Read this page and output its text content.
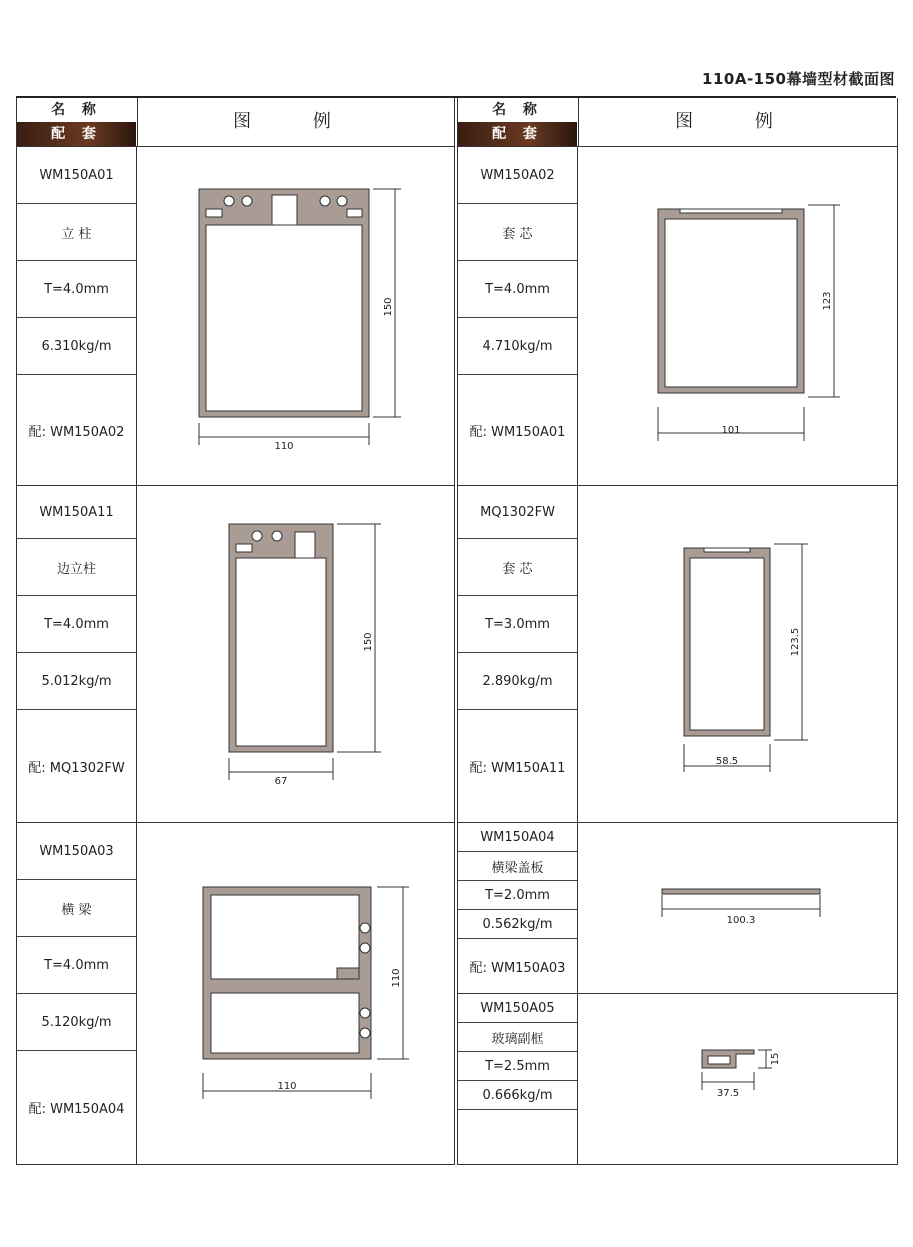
110A-150幕墙型材截面图
名 称
配 套
图 例
WM150A01
立 柱
T=4.0mm
6.310kg/m
配: WM150A02
110
150
WM150A11
边立柱
T=4.0mm
5.012kg/m
配: MQ1302FW
67
150
WM150A03
横 梁
T=4.0mm
5.120kg/m
配: WM150A04
110
110
名 称
配 套
图 例
WM150A02
套 芯
T=4.0mm
4.710kg/m
配: WM150A01	101
123
MQ1302FW
套 芯
T=3.0mm
2.890kg/m
配: WM150A11	58.5
123.5
WM150A04
横梁盖板
T=2.0mm
0.562kg/m
配: WM150A03
100.3
WM150A05
玻璃副框
T=2.5mm
0.666kg/m	37.5
15
